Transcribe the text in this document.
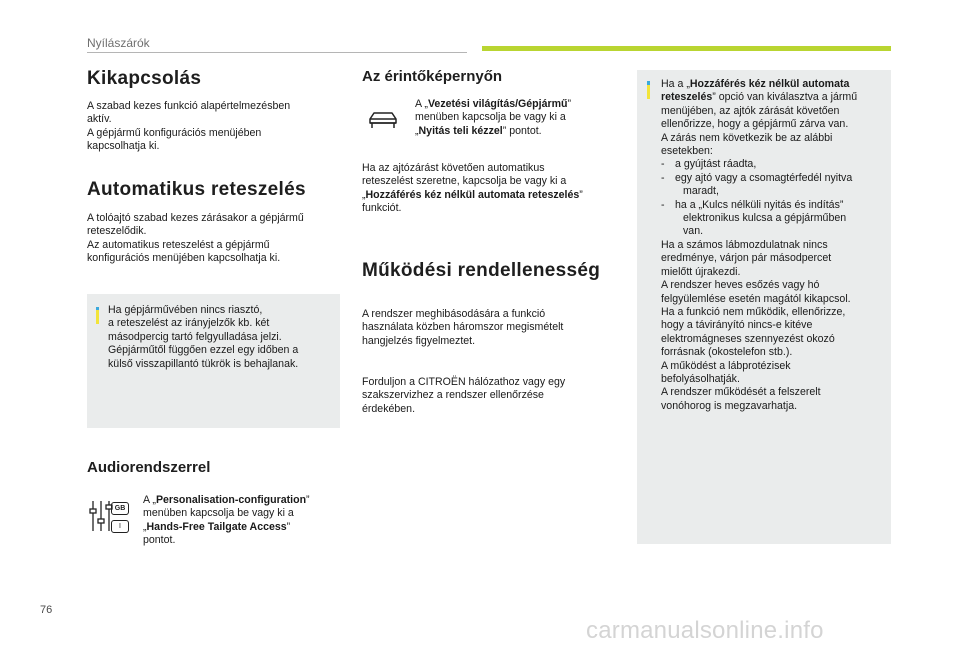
Nyílászárók
Kikapcsolás

A szabad kezes funkció alapértelmezésben

aktív.

A gépjármű konfigurációs menüjében

kapcsolhatja ki.

Automatikus reteszelés

A tolóajtó szabad kezes zárásakor a gépjármű

reteszelődik.

Az automatikus reteszelést a gépjármű

konfigurációs menüjében kapcsolhatja ki.

Ha gépjárművében nincs riasztó,

a reteszelést az irányjelzők kb. két

másodpercig tartó felgyulladása jelzi.

Gépjárműtől függően ezzel egy időben a

külső visszapillantó tükrök is behajlanak.

Audiorendszerrel
GB
I

A „Personalisation-configuration”

menüben kapcsolja be vagy ki a

„Hands-Free Tailgate Access”

pontot.

Az érintőképernyőn

A „Vezetési világítás/Gépjármű”

menüben kapcsolja be vagy ki a

„Nyitás teli kézzel” pontot.

Ha az ajtózárást követően automatikus

reteszelést szeretne, kapcsolja be vagy ki a

„Hozzáférés kéz nélkül automata reteszelés”

funkciót.

Működési rendellenesség

A rendszer meghibásodására a funkció

használata közben háromszor megismételt

hangjelzés figyelmeztet.

Forduljon a CITROËN hálózathoz vagy egy

szakszervizhez a rendszer ellenőrzése

érdekében.

Ha a „Hozzáférés kéz nélkül automata

reteszelés” opció van kiválasztva a jármű

menüjében, az ajtók zárását követően

ellenőrizze, hogy a gépjármű zárva van.

A zárás nem következik be az alábbi

esetekben:

- a gyújtást ráadta,

- egy ajtó vagy a csomagtérfedél nyitva

maradt,

- ha a „Kulcs nélküli nyitás és indítás”

elektronikus kulcsa a gépjárműben

van.

Ha a számos lábmozdulatnak nincs

eredménye, várjon pár másodpercet

mielőtt újrakezdi.

A rendszer heves esőzés vagy hó

felgyülemlése esetén magától kikapcsol.

Ha a funkció nem működik, ellenőrizze,

hogy a távirányító nincs-e kitéve

elektromágneses szennyezést okozó

forrásnak (okostelefon stb.).

A működést a lábprotézisek

befolyásolhatják.

A rendszer működését a felszerelt

vonóhorog is megzavarhatja.

76
carmanualsonline.info
